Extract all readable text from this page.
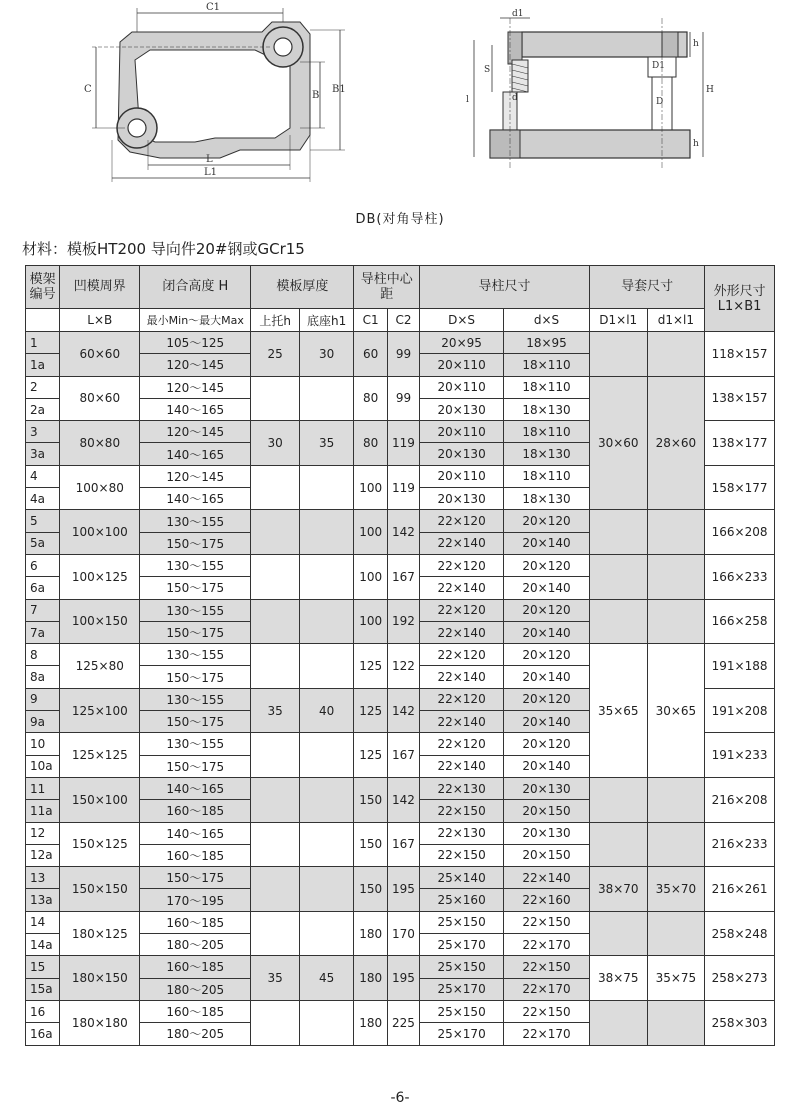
C1
C
B
B1
L
L1
d1
h
S	D1
l
H
d	D
h
DB(对角导柱)
材料：模板HT200 导向件20#钢或GCr15
模架编号	凹模周界	闭合高度 H	模板厚度		导柱中心距		导柱尺寸		导套尺寸		外形尺寸 L1×B1
	L×B	最小Min～最大Max	上托h	底座h1	C1	C2	D×S	d×S	D1×l1	d1×l1	
1	60×60	105～125	25	30	60	99	20×95	18×95			118×157
1a		120～145					20×110	18×110			
2	80×60	120～145			80	99	20×110	18×110	30×60	28×60	138×157
2a		140～165					20×130	18×130			
3	80×80	120～145	30	35	80	119	20×110	18×110			138×177
3a		140～165					20×130	18×130			
4	100×80	120～145			100	119	20×110	18×110			158×177
4a		140～165					20×130	18×130			
5	100×100	130～155			100	142	22×120	20×120			166×208
5a		150～175					22×140	20×140			
6	100×125	130～155			100	167	22×120	20×120			166×233
6a		150～175					22×140	20×140			
7	100×150	130～155			100	192	22×120	20×120			166×258
7a		150～175					22×140	20×140			
8	125×80	130～155			125	122	22×120	20×120	35×65	30×65	191×188
8a		150～175					22×140	20×140			
9	125×100	130～155	35	40	125	142	22×120	20×120			191×208
9a		150～175					22×140	20×140			
10	125×125	130～155			125	167	22×120	20×120			191×233
10a		150～175					22×140	20×140			
11	150×100	140～165			150	142	22×130	20×130			216×208
11a		160～185					22×150	20×150			
12	150×125	140～165			150	167	22×130	20×130			216×233
12a		160～185					22×150	20×150			
13	150×150	150～175			150	195	25×140	22×140	38×70	35×70	216×261
13a		170～195					25×160	22×160			
14	180×125	160～185			180	170	25×150	22×150			258×248
14a		180～205					25×170	22×170			
15	180×150	160～185	35	45	180	195	25×150	22×150	38×75	35×75	258×273
15a		180～205					25×170	22×170			
16	180×180	160～185			180	225	25×150	22×150			258×303
16a		180～205					25×170	22×170			
-6-
